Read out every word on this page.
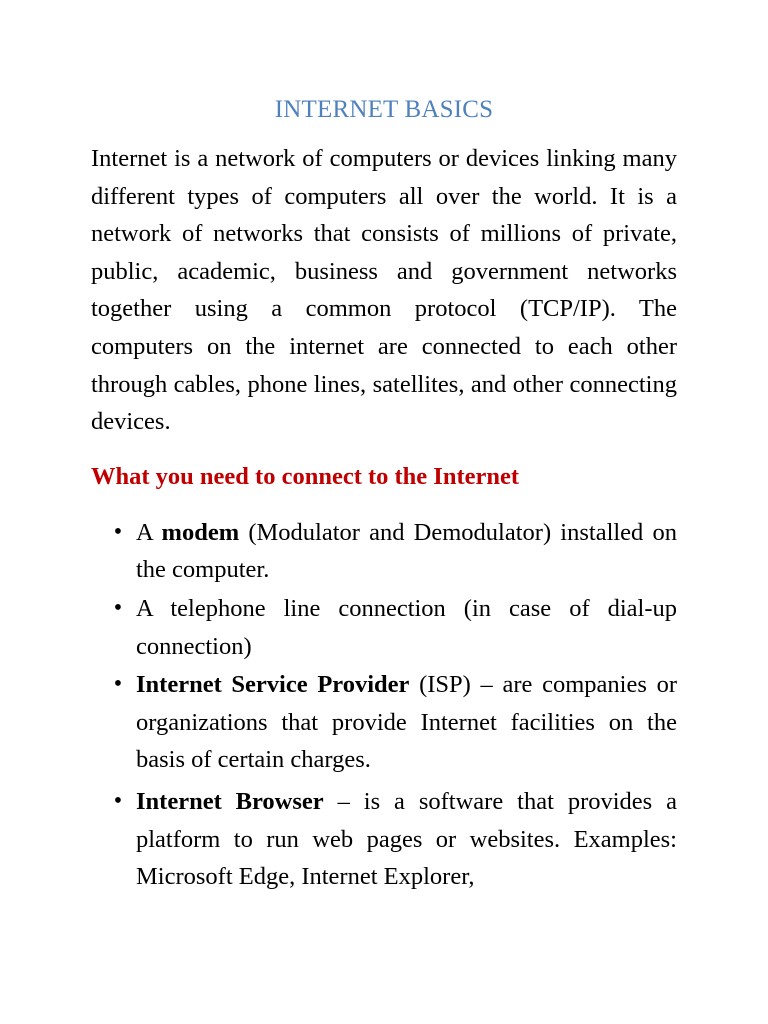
INTERNET BASICS

Internet is a network of computers or devices linking many different types of computers all over the world. It is a network of networks that consists of millions of private, public, academic, business and government networks together using a common protocol (TCP/IP). The computers on the internet are connected to each other through cables, phone lines, satellites, and other connecting devices.

What you need to connect to the Internet
• A modem (Modulator and Demodulator) installed on the computer.
• A telephone line connection (in case of dial-up connection)
• Internet Service Provider (ISP) – are companies or organizations that provide Internet facilities on the basis of certain charges.
• Internet Browser – is a software that provides a platform to run web pages or websites. Examples: Microsoft Edge, Internet Explorer,
